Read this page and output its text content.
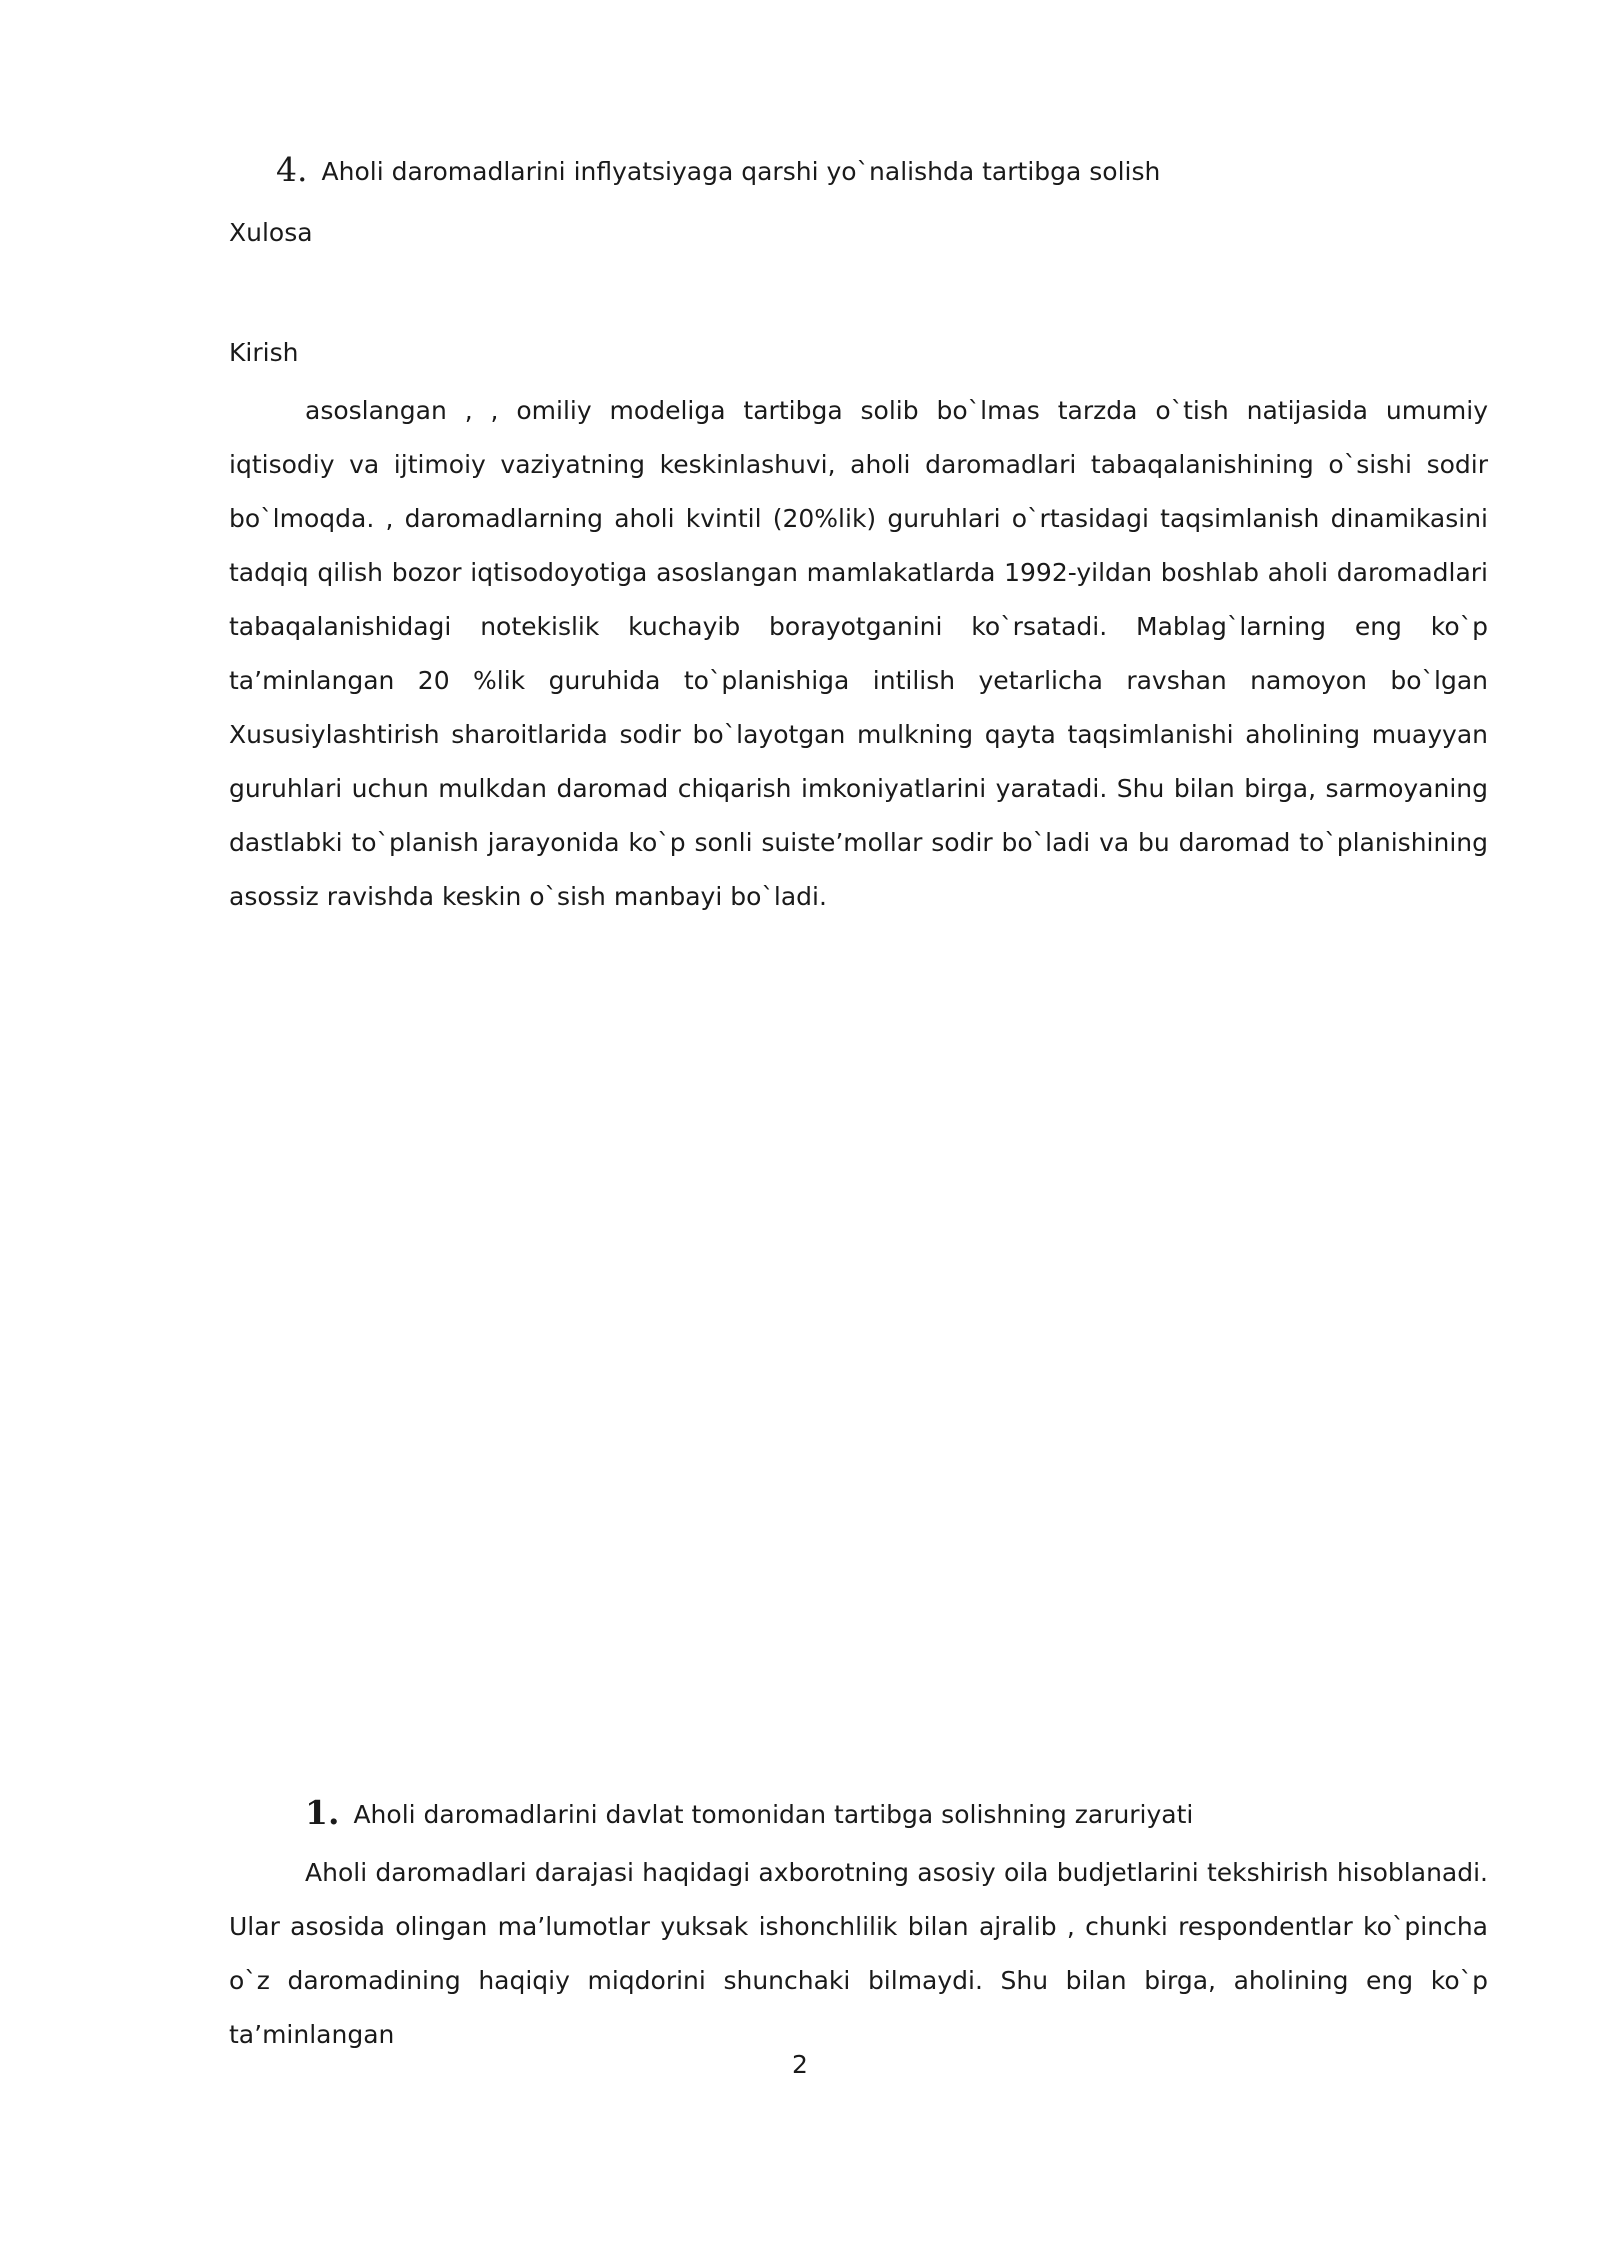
4. Aholi daromadlarini inflyatsiyaga qarshi yo`nalishda tartibga solish
Xulosa
Kirish

asoslangan , , omiliy modeliga tartibga solib bo`lmas tarzda o`tish natijasida umumiy iqtisodiy va ijtimoiy vaziyatning keskinlashuvi, aholi daromadlari tabaqalanishining o`sishi sodir bo`lmoqda. , daromadlarning aholi kvintil (20%lik) guruhlari o`rtasidagi taqsimlanish dinamikasini tadqiq qilish bozor iqtisodoyotiga asoslangan mamlakatlarda 1992-yildan boshlab aholi daromadlari tabaqalanishidagi notekislik kuchayib borayotganini ko`rsatadi. Mablag`larning eng ko`p ta’minlangan 20 %lik guruhida to`planishiga intilish yetarlicha ravshan namoyon bo`lgan Xususiylashtirish sharoitlarida sodir bo`layotgan mulkning qayta taqsimlanishi aholining muayyan guruhlari uchun mulkdan daromad chiqarish imkoniyatlarini yaratadi. Shu bilan birga, sarmoyaning dastlabki to`planish jarayonida ko`p sonli suiste’mollar sodir bo`ladi va bu daromad to`planishining asossiz ravishda keskin o`sish manbayi bo`ladi.

1. Aholi daromadlarini davlat tomonidan tartibga solishning zaruriyati

Aholi daromadlari darajasi haqidagi axborotning asosiy oila budjetlarini tekshirish hisoblanadi. Ular asosida olingan ma’lumotlar yuksak ishonchlilik bilan ajralib , chunki respondentlar ko`pincha o`z daromadining haqiqiy miqdorini shunchaki bilmaydi. Shu bilan birga, aholining eng ko`p ta’minlangan

2
